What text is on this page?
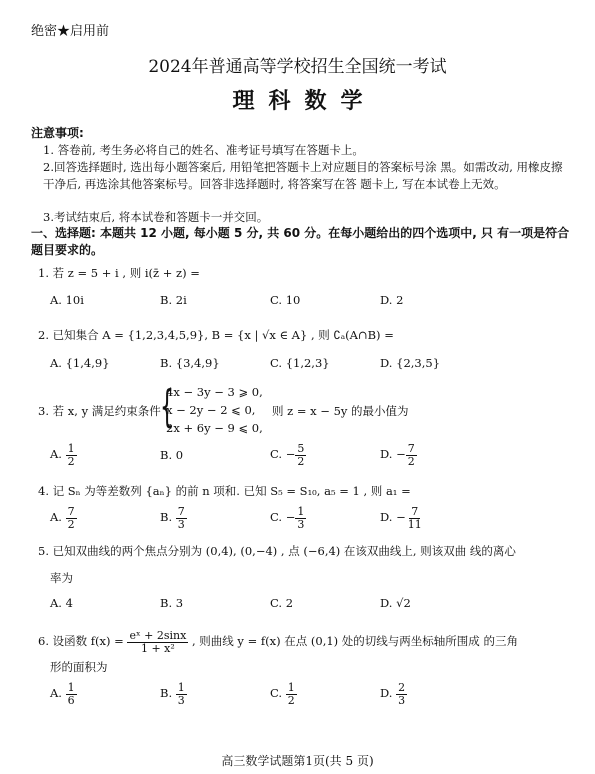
绝密★启用前
2024年普通高等学校招生全国统一考试
理科数学
注意事项:
1. 答卷前, 考生务必将自己的姓名、准考证号填写在答题卡上。
2.回答选择题时, 选出每小题答案后, 用铅笔把答题卡上对应题目的答案标号涂 黑。如需改动, 用橡皮擦干净后, 再选涂其他答案标号。回答非选择题时, 将答案写在答 题卡上, 写在本试卷上无效。
3.考试结束后, 将本试卷和答题卡一并交回。
一、选择题: 本题共 12 小题, 每小题 5 分, 共 60 分。在每小题给出的四个选项中, 只 有一项是符合题目要求的。
1. 若 z = 5 + i , 则 i(z̄ + z) =
A. 10i	B. 2i	C. 10	D. 2
2. 已知集合 A = {1,2,3,4,5,9}, B = {x | √x ∈ A} , 则 ∁ₐ(A∩B) =
A. {1,4,9}	B. {3,4,9}	C. {1,2,3}	D. {2,3,5}
3. 若 x, y 满足约束条件 {
4x − 3y − 3 ⩾ 0,
x − 2y − 2 ⩽ 0,
2x + 6y − 9 ⩽ 0,
则 z = x − 5y 的最小值为
A. $\frac{1}{2}$	B. 0	C. − $\frac{5}{2}$	D. − $\frac{7}{2}$
4. 记 Sₙ 为等差数列 {aₙ} 的前 n 项和. 已知 S₅ = S₁₀, a₅ = 1 , 则 a₁ =
A. $\frac{7}{2}$	B. $\frac{7}{3}$	C. − $\frac{1}{3}$	D. − $\frac{7}{11}$
5. 已知双曲线的两个焦点分别为 (0,4), (0,−4) , 点 (−6,4) 在该双曲线上, 则该双曲 线的离心
率为
A. 4	B. 3	C. 2	D. √2
6. 设函数 $f(x) = \frac{\text{eˣ + 2sinx}}{\text{1 + x²}}$ , 则曲线 y = f(x) 在点 (0,1) 处的切线与两坐标轴所围成 的三角
形的面积为
A. $\frac{1}{6}$	B. $\frac{1}{3}$	C. $\frac{1}{2}$	D. $\frac{2}{3}$
高三数学试题第1页(共 5 页)
